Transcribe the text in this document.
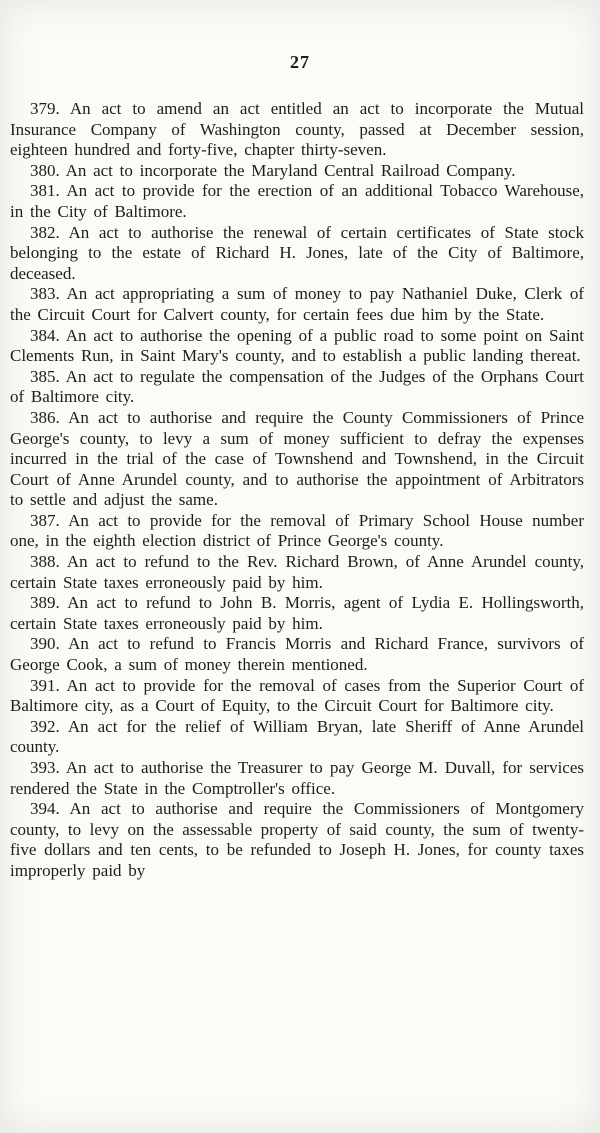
27

379. An act to amend an act entitled an act to incorporate the Mutual Insurance Company of Washington county, passed at December session, eighteen hundred and forty-five, chapter thirty-seven.

380. An act to incorporate the Maryland Central Railroad Company.

381. An act to provide for the erection of an additional Tobacco Warehouse, in the City of Baltimore.

382. An act to authorise the renewal of certain certificates of State stock belonging to the estate of Richard H. Jones, late of the City of Baltimore, deceased.

383. An act appropriating a sum of money to pay Nathaniel Duke, Clerk of the Circuit Court for Calvert county, for certain fees due him by the State.

384. An act to authorise the opening of a public road to some point on Saint Clements Run, in Saint Mary's county, and to establish a public landing thereat.

385. An act to regulate the compensation of the Judges of the Orphans Court of Baltimore city.

386. An act to authorise and require the County Commissioners of Prince George's county, to levy a sum of money sufficient to defray the expenses incurred in the trial of the case of Townshend and Townshend, in the Circuit Court of Anne Arundel county, and to authorise the appointment of Arbitrators to settle and adjust the same.

387. An act to provide for the removal of Primary School House number one, in the eighth election district of Prince George's county.

388. An act to refund to the Rev. Richard Brown, of Anne Arundel county, certain State taxes erroneously paid by him.

389. An act to refund to John B. Morris, agent of Lydia E. Hollingsworth, certain State taxes erroneously paid by him.

390. An act to refund to Francis Morris and Richard France, survivors of George Cook, a sum of money therein mentioned.

391. An act to provide for the removal of cases from the Superior Court of Baltimore city, as a Court of Equity, to the Circuit Court for Baltimore city.

392. An act for the relief of William Bryan, late Sheriff of Anne Arundel county.

393. An act to authorise the Treasurer to pay George M. Duvall, for services rendered the State in the Comptroller's office.

394. An act to authorise and require the Commissioners of Montgomery county, to levy on the assessable property of said county, the sum of twenty-five dollars and ten cents, to be refunded to Joseph H. Jones, for county taxes improperly paid by
